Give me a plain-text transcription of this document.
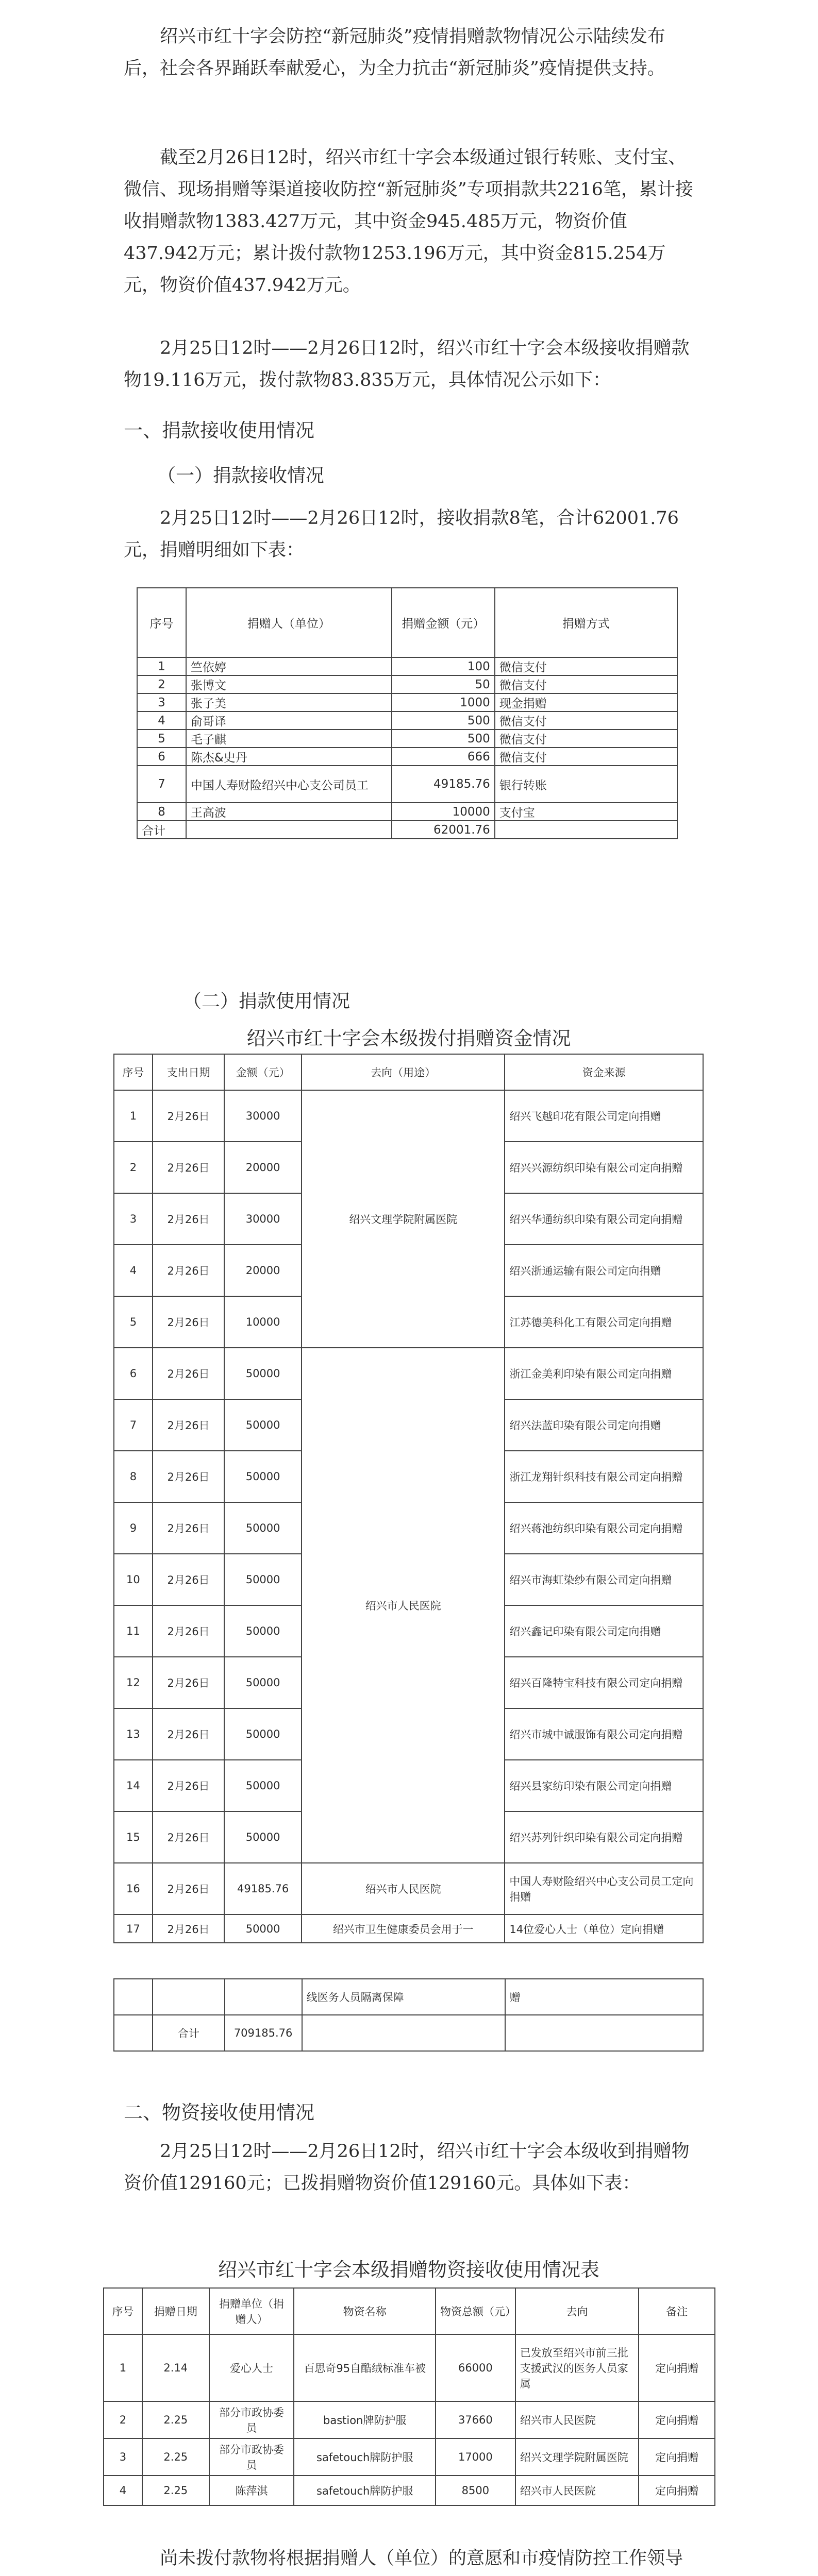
绍兴市红十字会防控“新冠肺炎”疫情捐赠款物情况公示陆续发布后，社会各界踊跃奉献爱心，为全力抗击“新冠肺炎”疫情提供支持。

截至2月26日12时，绍兴市红十字会本级通过银行转账、支付宝、微信、现场捐赠等渠道接收防控“新冠肺炎”专项捐款共2216笔，累计接收捐赠款物1383.427万元，其中资金945.485万元，物资价值437.942万元；累计拨付款物1253.196万元，其中资金815.254万元，物资价值437.942万元。

2月25日12时——2月26日12时，绍兴市红十字会本级接收捐赠款物19.116万元，拨付款物83.835万元，具体情况公示如下：

一、捐款接收使用情况

（一）捐款接收情况

2月25日12时——2月26日12时，接收捐款8笔，合计62001.76元，捐赠明细如下表：

序号	捐赠人（单位）	捐赠金额（元）	捐赠方式
1	竺依婷	100	微信支付
2	张博文	50	微信支付
3	张子美	1000	现金捐赠
4	俞哥译	500	微信支付
5	毛子麒	500	微信支付
6	陈杰&史丹	666	微信支付
7	中国人寿财险绍兴中心支公司员工	49185.76	银行转账
8	王高波	10000	支付宝
合计		62001.76	

（二）捐款使用情况

绍兴市红十字会本级拨付捐赠资金情况

序号	支出日期	金额（元）	去向（用途）	资金来源
1	2月26日	30000	绍兴文理学院附属医院	绍兴飞越印花有限公司定向捐赠
2	2月26日	20000		绍兴兴源纺织印染有限公司定向捐赠
3	2月26日	30000		绍兴华通纺织印染有限公司定向捐赠
4	2月26日	20000		绍兴浙通运输有限公司定向捐赠
5	2月26日	10000		江苏德美科化工有限公司定向捐赠
6	2月26日	50000	绍兴市人民医院	浙江金美利印染有限公司定向捐赠
7	2月26日	50000		绍兴法蓝印染有限公司定向捐赠
8	2月26日	50000		浙江龙翔针织科技有限公司定向捐赠
9	2月26日	50000		绍兴蒋池纺织印染有限公司定向捐赠
10	2月26日	50000		绍兴市海虹染纱有限公司定向捐赠
11	2月26日	50000		绍兴鑫记印染有限公司定向捐赠
12	2月26日	50000		绍兴百隆特宝科技有限公司定向捐赠
13	2月26日	50000		绍兴市城中诚服饰有限公司定向捐赠
14	2月26日	50000		绍兴县家纺印染有限公司定向捐赠
15	2月26日	50000		绍兴苏列针织印染有限公司定向捐赠
16	2月26日	49185.76	绍兴市人民医院	中国人寿财险绍兴中心支公司员工定向捐赠
17	2月26日	50000	绍兴市卫生健康委员会用于一	14位爱心人士（单位）定向捐赠
			线医务人员隔离保障	赠
	合计	709185.76		

二、物资接收使用情况

2月25日12时——2月26日12时，绍兴市红十字会本级收到捐赠物资价值129160元；已拨捐赠物资价值129160元。具体如下表：

绍兴市红十字会本级捐赠物资接收使用情况表

序号	捐赠日期	捐赠单位（捐赠人）	物资名称	物资总额（元）	去向	备注
1	2.14	爱心人士	百思奇95自酷绒标准车被	66000	已发放至绍兴市前三批支援武汉的医务人员家属	定向捐赠
2	2.25	部分市政协委员	bastion牌防护服	37660	绍兴市人民医院	定向捐赠
3	2.25	部分市政协委员	safetouch牌防护服	17000	绍兴文理学院附属医院	定向捐赠
4	2.25	陈萍淇	safetouch牌防护服	8500	绍兴市人民医院	定向捐赠

尚未拨付款物将根据捐赠人（单位）的意愿和市疫情防控工作领导
